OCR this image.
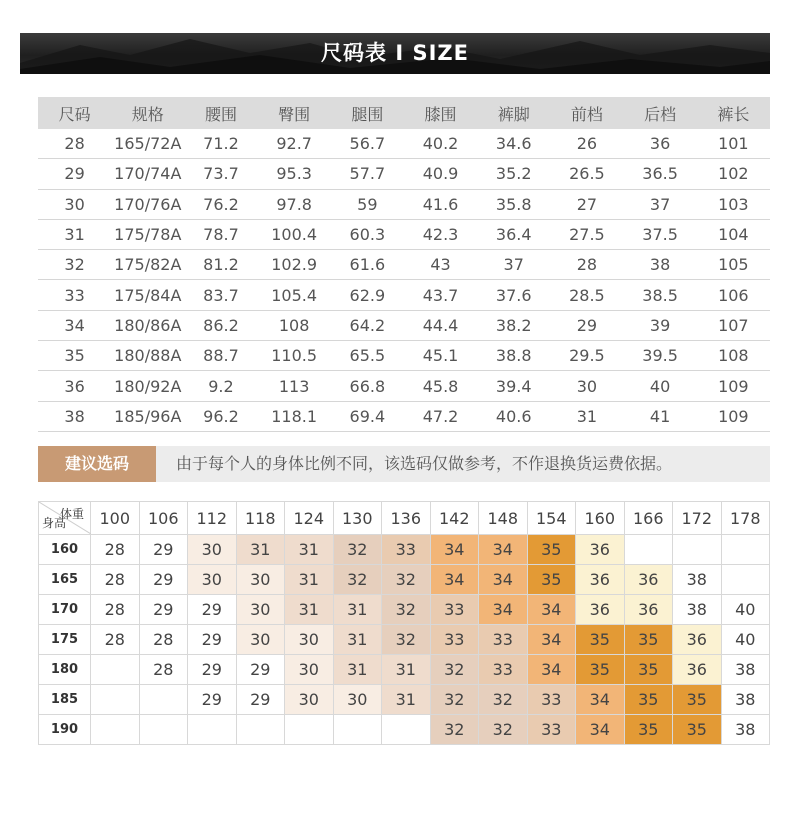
尺码表 I SIZE
尺码	规格	腰围	臀围	腿围	膝围	裤脚	前档	后档	裤长
28	165/72A	71.2	92.7	56.7	40.2	34.6	26	36	101
29	170/74A	73.7	95.3	57.7	40.9	35.2	26.5	36.5	102
30	170/76A	76.2	97.8	59	41.6	35.8	27	37	103
31	175/78A	78.7	100.4	60.3	42.3	36.4	27.5	37.5	104
32	175/82A	81.2	102.9	61.6	43	37	28	38	105
33	175/84A	83.7	105.4	62.9	43.7	37.6	28.5	38.5	106
34	180/86A	86.2	108	64.2	44.4	38.2	29	39	107
35	180/88A	88.7	110.5	65.5	45.1	38.8	29.5	39.5	108
36	180/92A	9.2	113	66.8	45.8	39.4	30	40	109
38	185/96A	96.2	118.1	69.4	47.2	40.6	31	41	109
建议选码	由于每个人的身体比例不同，该选码仅做参考，不作退换货运费依据。
体重
身高	100	106	112	118	124	130	136	142	148	154	160	166	172	178
160	28	29	30	31	31	32	33	34	34	35	36			
165	28	29	30	30	31	32	32	34	34	35	36	36	38	
170	28	29	29	30	31	31	32	33	34	34	36	36	38	40
175	28	28	29	30	30	31	32	33	33	34	35	35	36	40
180		28	29	29	30	31	31	32	33	34	35	35	36	38
185			29	29	30	30	31	32	32	33	34	35	35	38
190								32	32	33	34	35	35	38
